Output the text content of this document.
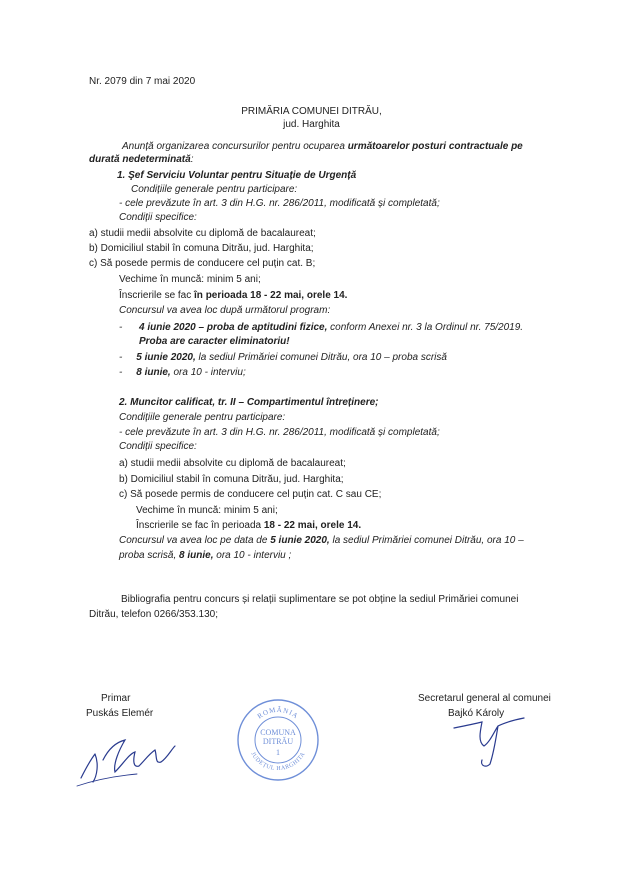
Nr. 2079 din 7 mai 2020
PRIMĂRIA COMUNEI DITRĂU,
jud. Harghita
Anunță organizarea concursurilor pentru ocuparea următoarelor posturi contractuale pe
durată nedeterminată:
1. Şef Serviciu Voluntar pentru Situație de Urgență
Condițiile generale pentru participare:
- cele prevăzute în art. 3 din H.G. nr. 286/2011, modificată și completată;
Condiții specifice:
a) studii medii absolvite cu diplomă de bacalaureat;
b) Domiciliul stabil în comuna Ditrău, jud. Harghita;
c) Să posede permis de conducere cel puțin cat. B;
Vechime în muncă: minim 5 ani;
Înscrierile se fac în perioada 18 - 22 mai, orele 14.
Concursul va avea loc după următorul program:
- 4 iunie 2020 – proba de aptitudini fizice, conform Anexei nr. 3 la Ordinul nr. 75/2019.
Proba are caracter eliminatoriu!
- 5 iunie 2020, la sediul Primăriei comunei Ditrău, ora 10 – proba scrisă
- 8 iunie, ora 10 - interviu;
2. Muncitor calificat, tr. II – Compartimentul întreținere;
Condițiile generale pentru participare:
- cele prevăzute în art. 3 din H.G. nr. 286/2011, modificată și completată;
Condiții specifice:
a) studii medii absolvite cu diplomă de bacalaureat;
b) Domiciliul stabil în comuna Ditrău, jud. Harghita;
c) Să posede permis de conducere cel puțin cat. C sau CE;
Vechime în muncă: minim 5 ani;
Înscrierile se fac în perioada 18 - 22 mai, orele 14.
Concursul va avea loc pe data de 5 iunie 2020, la sediul Primăriei comunei Ditrău, ora 10 –
proba scrisă, 8 iunie, ora 10 - interviu ;
Bibliografia pentru concurs și relații suplimentare se pot obține la sediul Primăriei comunei
Ditrău, telefon 0266/353.130;
Primar
Puskás Elemér
Secretarul general al comunei
Bajkó Károly
ROMÂNIA
JUDEȚUL HARGHITA
COMUNA
DITRĂU
1
